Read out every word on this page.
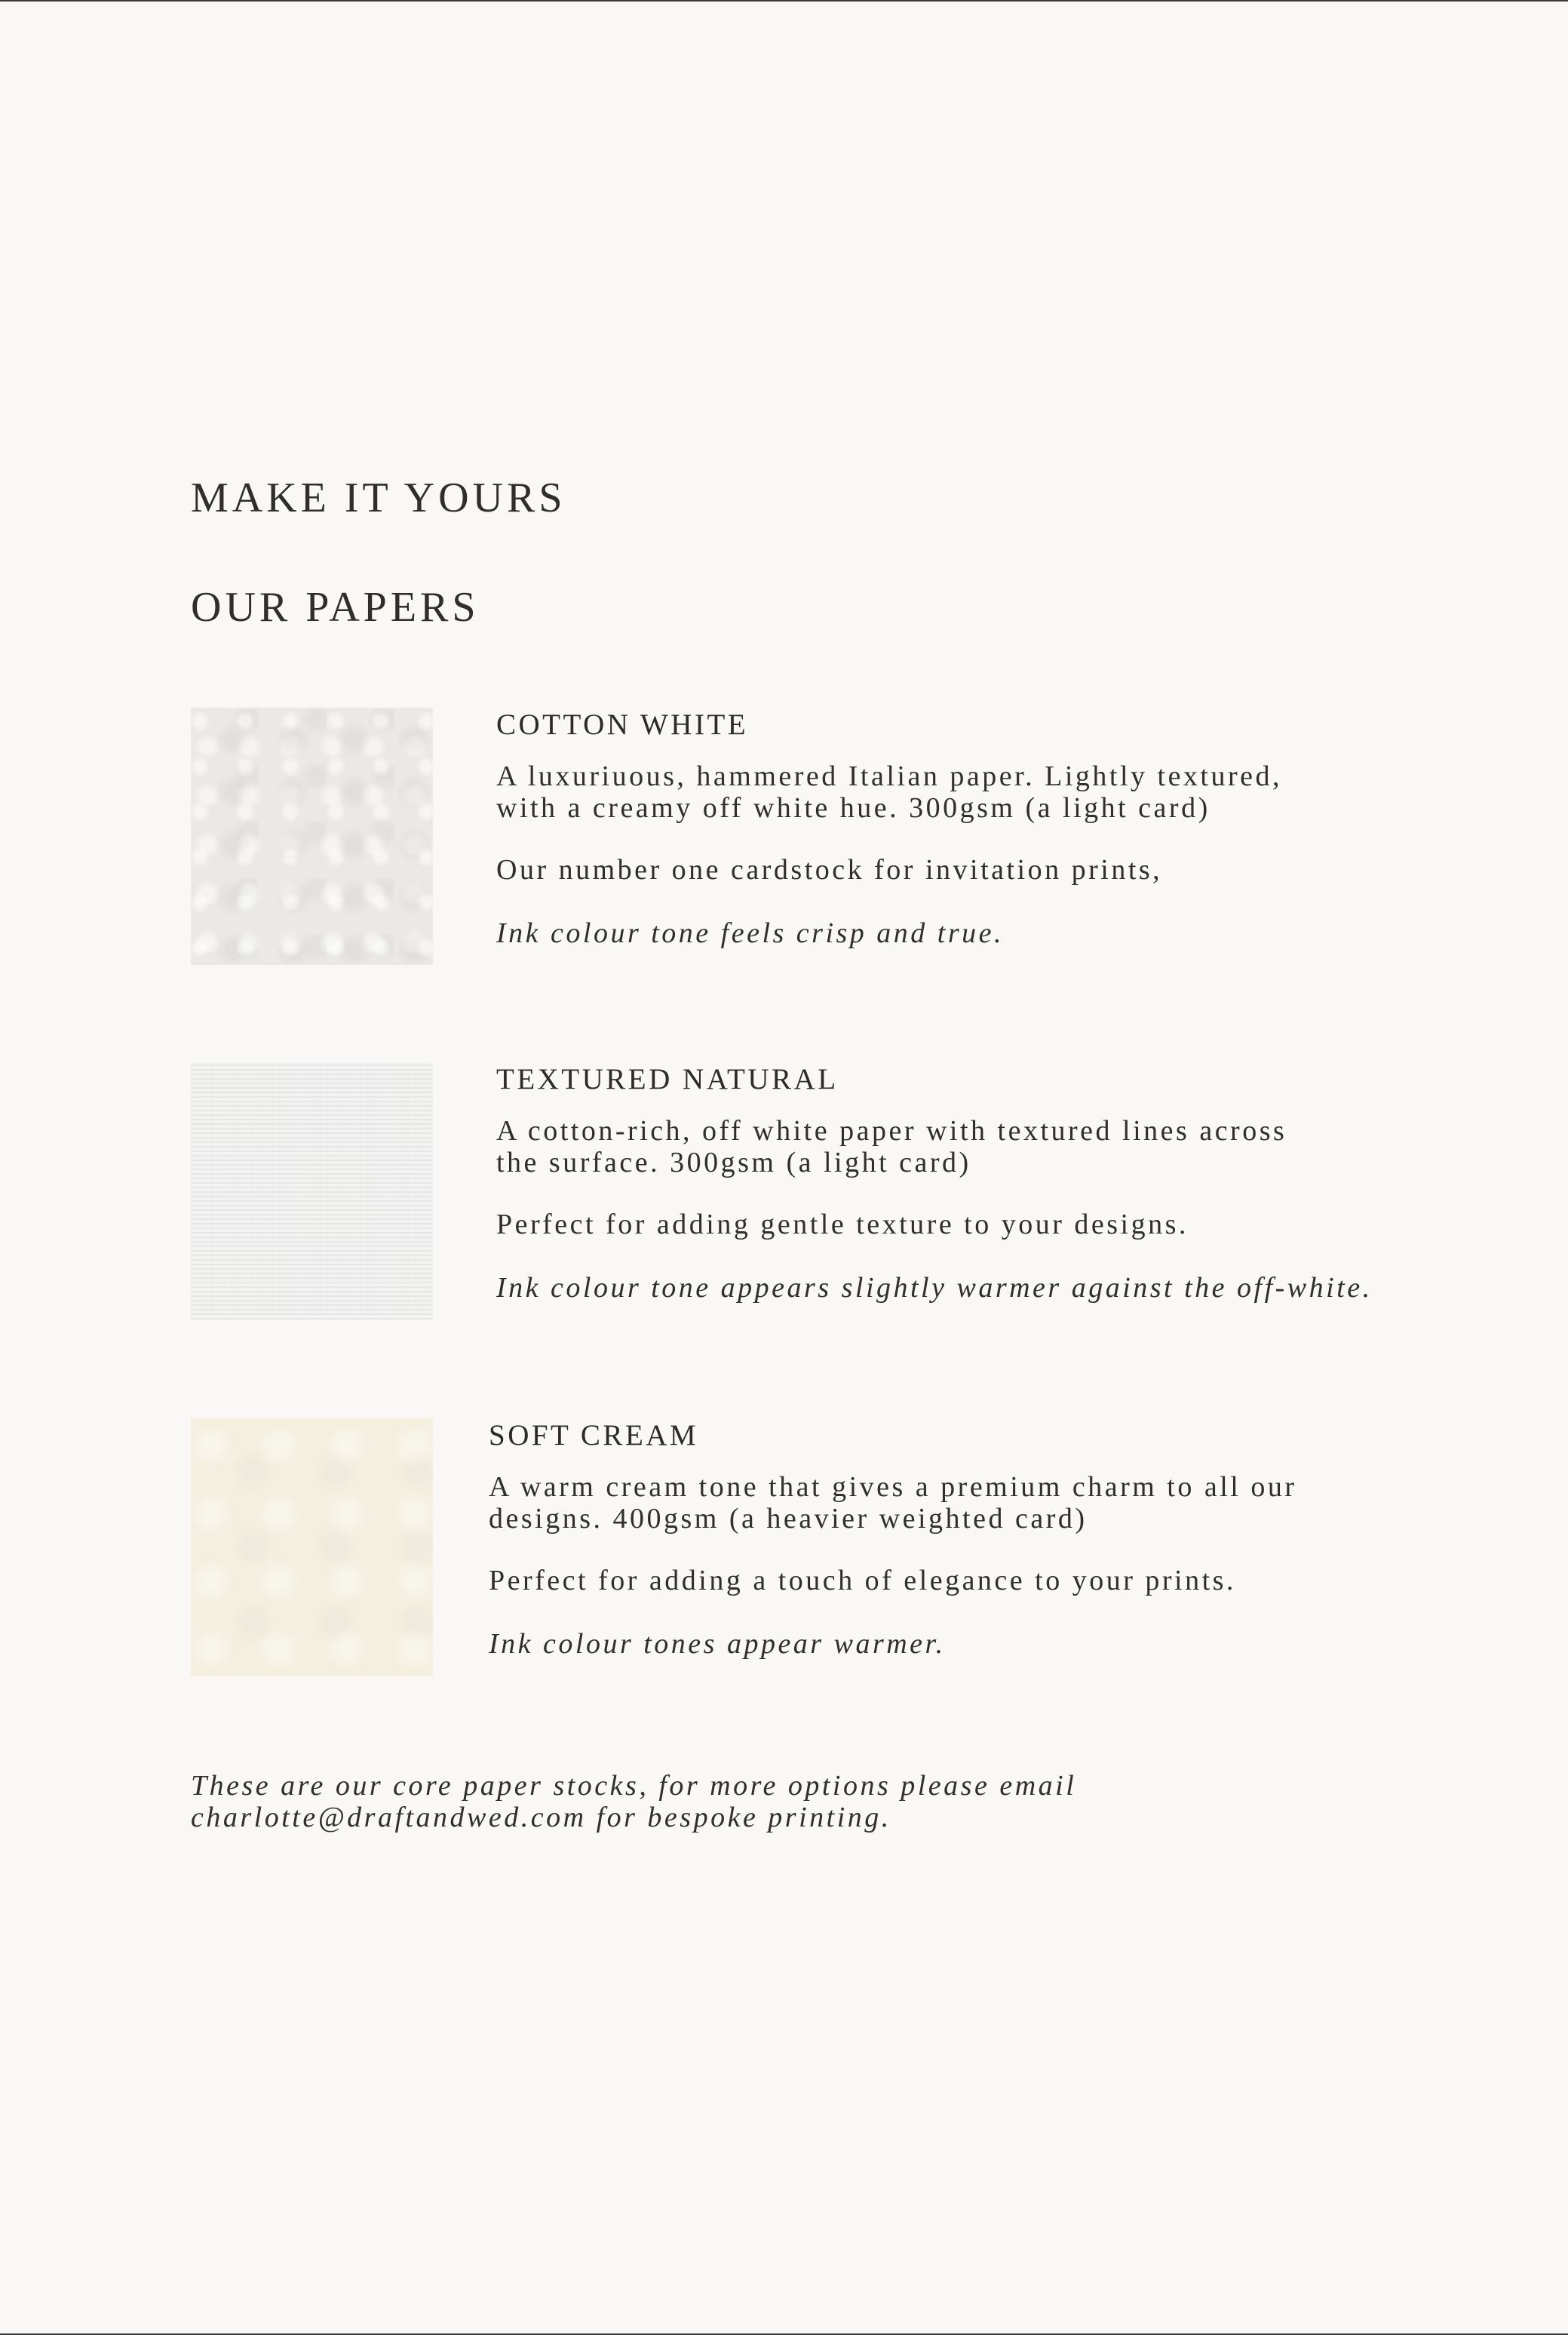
MAKE IT YOURS
OUR PAPERS
COTTON WHITE
A luxuriuous, hammered Italian paper. Lightly textured,
with a creamy off white hue. 300gsm (a light card)

Our number one cardstock for invitation prints,

Ink colour tone feels crisp and true.

TEXTURED NATURAL
A cotton-rich, off white paper with textured lines across
the surface. 300gsm (a light card)

Perfect for adding gentle texture to your designs.

Ink colour tone appears slightly warmer against the off-white.

SOFT CREAM
A warm cream tone that gives a premium charm to all our
designs. 400gsm (a heavier weighted card)

Perfect for adding a touch of elegance to your prints.

Ink colour tones appear warmer.

These are our core paper stocks, for more options please email
charlotte@draftandwed.com for bespoke printing.
